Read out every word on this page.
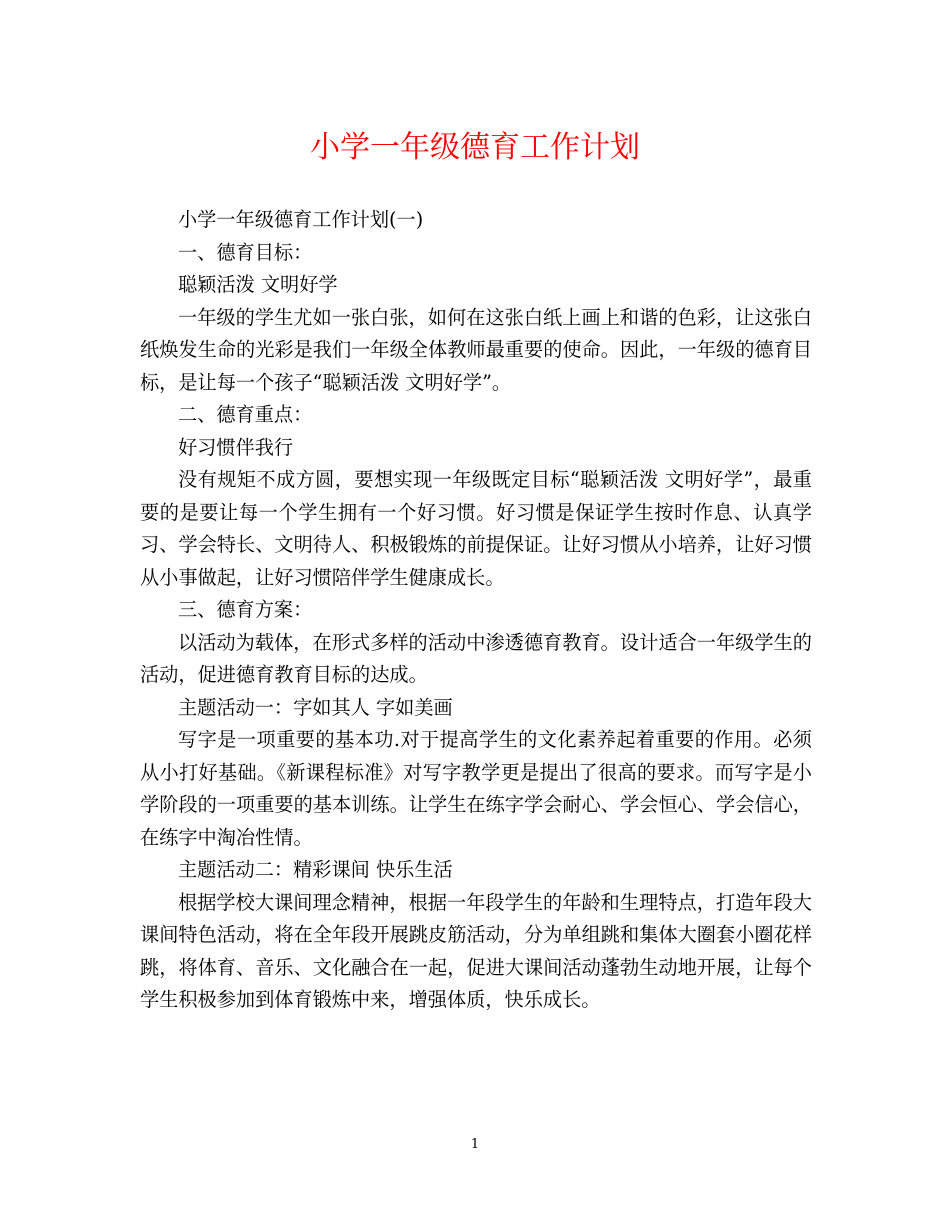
小学一年级德育工作计划

小学一年级德育工作计划(一)

一、德育目标：

聪颖活泼 文明好学

一年级的学生尤如一张白张，如何在这张白纸上画上和谐的色彩，让这张白纸焕发生命的光彩是我们一年级全体教师最重要的使命。因此，一年级的德育目标，是让每一个孩子“聪颖活泼 文明好学”。

二、德育重点：

好习惯伴我行

没有规矩不成方圆，要想实现一年级既定目标“聪颖活泼 文明好学”，最重要的是要让每一个学生拥有一个好习惯。好习惯是保证学生按时作息、认真学习、学会特长、文明待人、积极锻炼的前提保证。让好习惯从小培养，让好习惯从小事做起，让好习惯陪伴学生健康成长。

三、德育方案：

以活动为载体，在形式多样的活动中渗透德育教育。设计适合一年级学生的活动，促进德育教育目标的达成。

主题活动一：字如其人 字如美画

写字是一项重要的基本功.对于提高学生的文化素养起着重要的作用。必须从小打好基础。《新课程标准》对写字教学更是提出了很高的要求。而写字是小学阶段的一项重要的基本训练。让学生在练字学会耐心、学会恒心、学会信心，在练字中淘冶性情。

主题活动二：精彩课间 快乐生活

根据学校大课间理念精神，根据一年段学生的年龄和生理特点，打造年段大课间特色活动，将在全年段开展跳皮筋活动，分为单组跳和集体大圈套小圈花样跳，将体育、音乐、文化融合在一起，促进大课间活动蓬勃生动地开展，让每个学生积极参加到体育锻炼中来，增强体质，快乐成长。

1
